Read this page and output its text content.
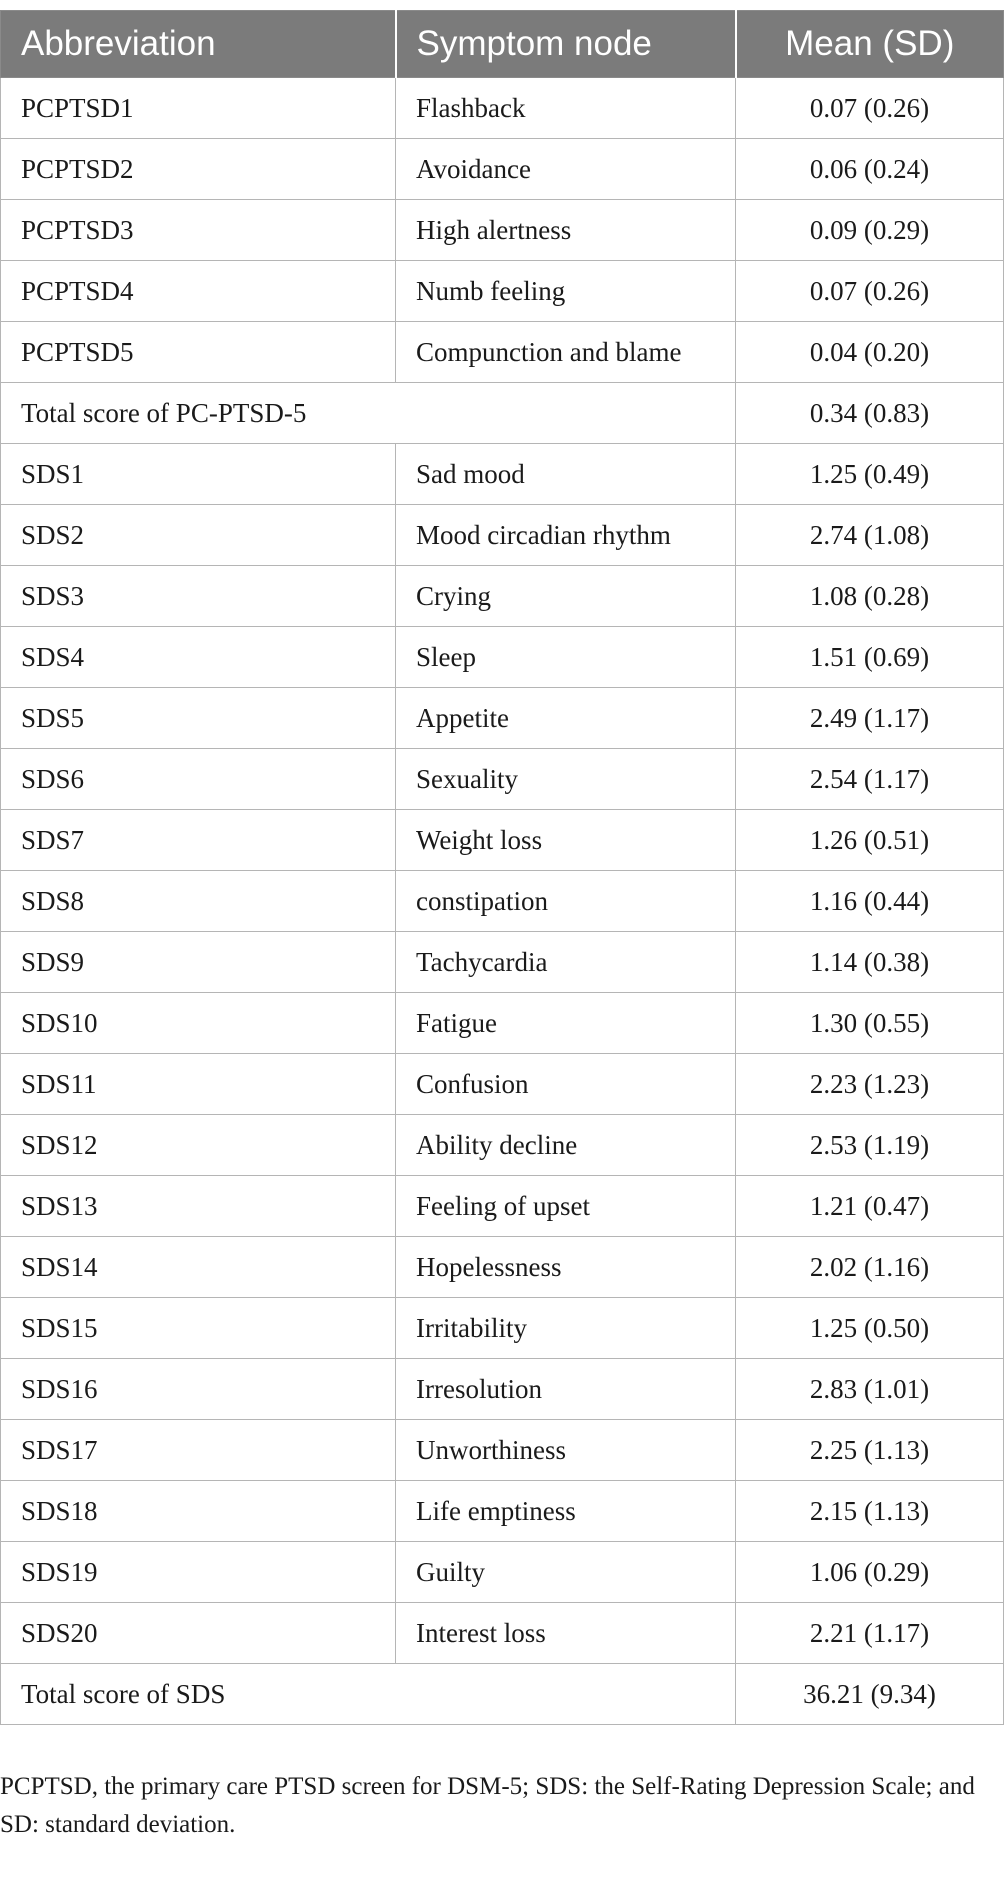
Abbreviation	Symptom node	Mean (SD)
PCPTSD1	Flashback	0.07 (0.26)
PCPTSD2	Avoidance	0.06 (0.24)
PCPTSD3	High alertness	0.09 (0.29)
PCPTSD4	Numb feeling	0.07 (0.26)
PCPTSD5	Compunction and blame	0.04 (0.20)
Total score of PC-PTSD-5		0.34 (0.83)
SDS1	Sad mood	1.25 (0.49)
SDS2	Mood circadian rhythm	2.74 (1.08)
SDS3	Crying	1.08 (0.28)
SDS4	Sleep	1.51 (0.69)
SDS5	Appetite	2.49 (1.17)
SDS6	Sexuality	2.54 (1.17)
SDS7	Weight loss	1.26 (0.51)
SDS8	constipation	1.16 (0.44)
SDS9	Tachycardia	1.14 (0.38)
SDS10	Fatigue	1.30 (0.55)
SDS11	Confusion	2.23 (1.23)
SDS12	Ability decline	2.53 (1.19)
SDS13	Feeling of upset	1.21 (0.47)
SDS14	Hopelessness	2.02 (1.16)
SDS15	Irritability	1.25 (0.50)
SDS16	Irresolution	2.83 (1.01)
SDS17	Unworthiness	2.25 (1.13)
SDS18	Life emptiness	2.15 (1.13)
SDS19	Guilty	1.06 (0.29)
SDS20	Interest loss	2.21 (1.17)
Total score of SDS		36.21 (9.34)
PCPTSD, the primary care PTSD screen for DSM-5; SDS: the Self-Rating Depression Scale; and SD: standard deviation.
